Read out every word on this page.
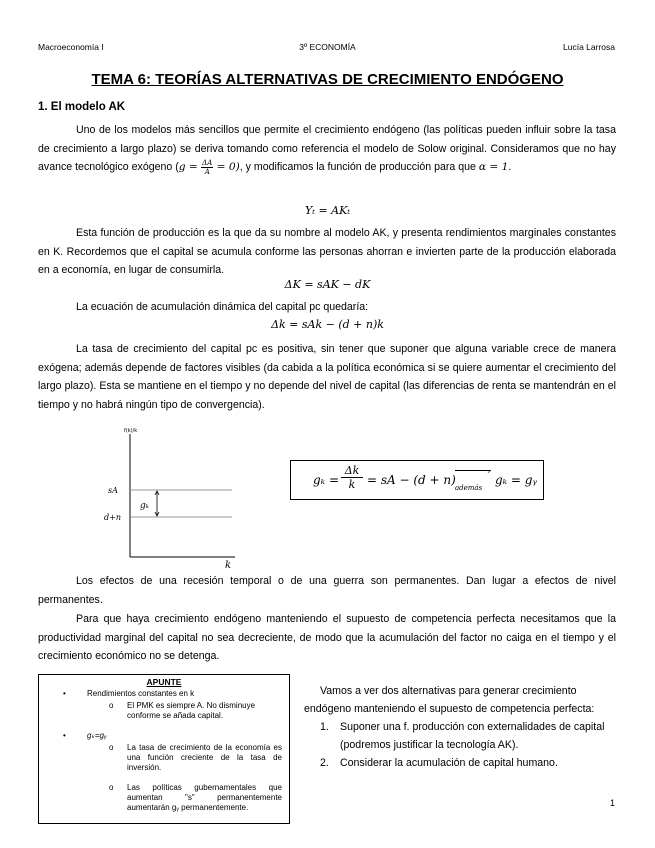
Macroeconomía I	3º ECONOMÍA	Lucía Larrosa
TEMA 6: TEORÍAS ALTERNATIVAS DE CRECIMIENTO ENDÓGENO
1. El modelo AK
Uno de los modelos más sencillos que permite el crecimiento endógeno (las políticas pueden influir sobre la tasa de crecimiento a largo plazo) se deriva tomando como referencia el modelo de Solow original. Consideramos que no hay avance tecnológico exógeno $(g = \frac{\Delta A}{A} = 0)$, y modificamos la función de producción para que α = 1.
Yₜ = AKₜ
Esta función de producción es la que da su nombre al modelo AK, y presenta rendimientos marginales constantes en K. Recordemos que el capital se acumula conforme las personas ahorran e invierten parte de la producción elaborada en a economía, en lugar de consumirla.
ΔK = sAK − dK
La ecuación de acumulación dinámica del capital pc quedaría:
Δk = sAk − (d + n)k
La tasa de crecimiento del capital pc es positiva, sin tener que suponer que alguna variable crece de manera exógena; además depende de factores visibles (da cabida a la política económica si se quiere aumentar el crecimiento del largo plazo). Esta se mantiene en el tiempo y no depende del nivel de capital (las diferencias de renta se mantendrán en el tiempo y no habrá ningún tipo de convergencia).
f(k)/k
sA
d+n
gₖ
k
$g_k = \frac{\Delta k}{k}$ = sA − (d + n)
›
además
gₖ = gᵧ
Los efectos de una recesión temporal o de una guerra son permanentes. Dan lugar a efectos de nivel permanentes.
Para que haya crecimiento endógeno manteniendo el supuesto de competencia perfecta necesitamos que la productividad marginal del capital no sea decreciente, de modo que la acumulación del factor no caiga en el tiempo y el crecimiento económico no se detenga.
APUNTE
•	Rendimientos constantes en k
o El PMK es siempre A. No disminuye conforme se añada capital.
•	gₖ=gᵧ
o La tasa de crecimiento de la economía es una función creciente de la tasa de inversión.
o Las políticas gubernamentales que aumentan "s" permanentemente aumentarán gᵧ permanentemente.
Vamos a ver dos alternativas para generar crecimiento endógeno manteniendo el supuesto de competencia perfecta:
1. Suponer una f. producción con externalidades de capital (podremos justificar la tecnología AK).
2. Considerar la acumulación de capital humano.
1
